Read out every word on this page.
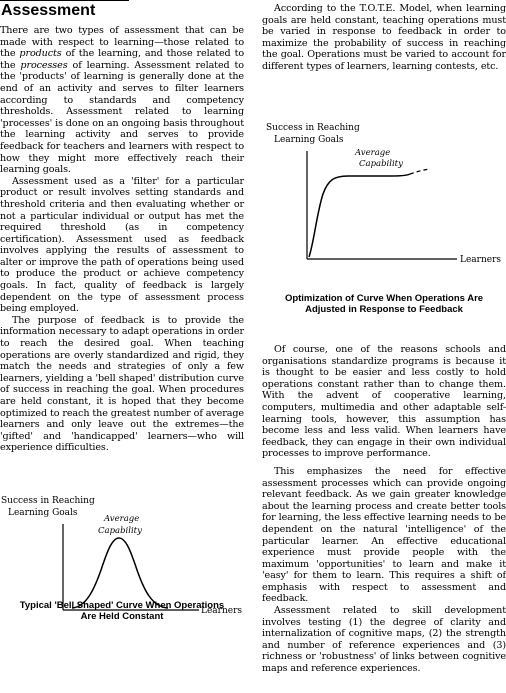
Assessment

There are two types of assessment that can be made with respect to learning—those related to the products of the learning, and those related to the processes of learning. Assessment related to the 'products' of learning is generally done at the end of an activity and serves to filter learners according to standards and competency thresholds. Assessment related to learning 'processes' is done on an ongoing basis throughout the learning activity and serves to provide feedback for teachers and learners with respect to how they might more effectively reach their learning goals.

Assessment used as a 'filter' for a particular product or result involves setting standards and threshold criteria and then evaluating whether or not a particular individual or output has met the required threshold (as in competency certification). Assessment used as feedback involves applying the results of assessment to alter or improve the path of operations being used to produce the product or achieve competency goals. In fact, quality of feedback is largely dependent on the type of assessment process being employed.

The purpose of feedback is to provide the information necessary to adapt operations in order to reach the desired goal. When teaching operations are overly standardized and rigid, they match the needs and strategies of only a few learners, yielding a 'bell shaped' distribution curve of success in reaching the goal. When procedures are held constant, it is hoped that they become optimized to reach the greatest number of average learners and only leave out the extremes—the 'gifted' and 'handicapped' learners—who will experience difficulties.

Success in Reaching
Learning Goals
Average
Capability
Learners
Typical 'Bell Shaped' Curve When Operations
Are Held Constant

According to the T.O.T.E. Model, when learning goals are held constant, teaching operations must be varied in response to feedback in order to maximize the probability of success in reaching the goal. Operations must be varied to account for different types of learners, learning contests, etc.

Success in Reaching
Learning Goals
Average
Capability
Learners
Optimization of Curve When Operations Are
Adjusted in Response to Feedback

Of course, one of the reasons schools and organisations standardize programs is because it is thought to be easier and less costly to hold operations constant rather than to change them. With the advent of cooperative learning, computers, multimedia and other adaptable self-learning tools, however, this assumption has become less and less valid. When learners have feedback, they can engage in their own individual processes to improve performance.

This emphasizes the need for effective assessment processes which can provide ongoing relevant feedback. As we gain greater knowledge about the learning process and create better tools for learning, the less effective learning needs to be dependent on the natural 'intelligence' of the particular learner. An effective educational experience must provide people with the maximum 'opportunities' to learn and make it 'easy' for them to learn. This requires a shift of emphasis with respect to assessment and feedback.

Assessment related to skill development involves testing (1) the degree of clarity and internalization of cognitive maps, (2) the strength and number of reference experiences and (3) richness or 'robustness' of links between cognitive maps and reference experiences.
